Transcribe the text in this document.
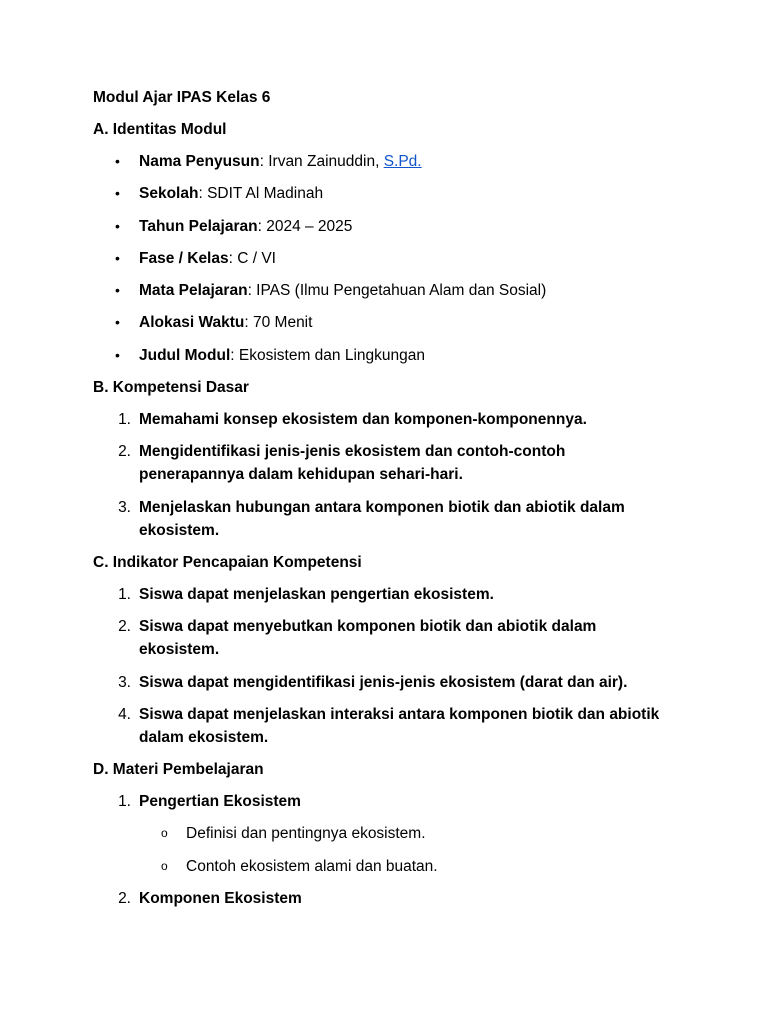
Modul Ajar IPAS Kelas 6
A. Identitas Modul
• Nama Penyusun: Irvan Zainuddin, S.Pd.
• Sekolah: SDIT Al Madinah
• Tahun Pelajaran: 2024 – 2025
• Fase / Kelas: C / VI
• Mata Pelajaran: IPAS (Ilmu Pengetahuan Alam dan Sosial)
• Alokasi Waktu: 70 Menit
• Judul Modul: Ekosistem dan Lingkungan
B. Kompetensi Dasar
1. Memahami konsep ekosistem dan komponen-komponennya.
2. Mengidentifikasi jenis-jenis ekosistem dan contoh-contoh
penerapannya dalam kehidupan sehari-hari.
3. Menjelaskan hubungan antara komponen biotik dan abiotik dalam
ekosistem.
C. Indikator Pencapaian Kompetensi
1. Siswa dapat menjelaskan pengertian ekosistem.
2. Siswa dapat menyebutkan komponen biotik dan abiotik dalam
ekosistem.
3. Siswa dapat mengidentifikasi jenis-jenis ekosistem (darat dan air).
4. Siswa dapat menjelaskan interaksi antara komponen biotik dan abiotik
dalam ekosistem.
D. Materi Pembelajaran
1. Pengertian Ekosistem
o Definisi dan pentingnya ekosistem.
o Contoh ekosistem alami dan buatan.
2. Komponen Ekosistem
